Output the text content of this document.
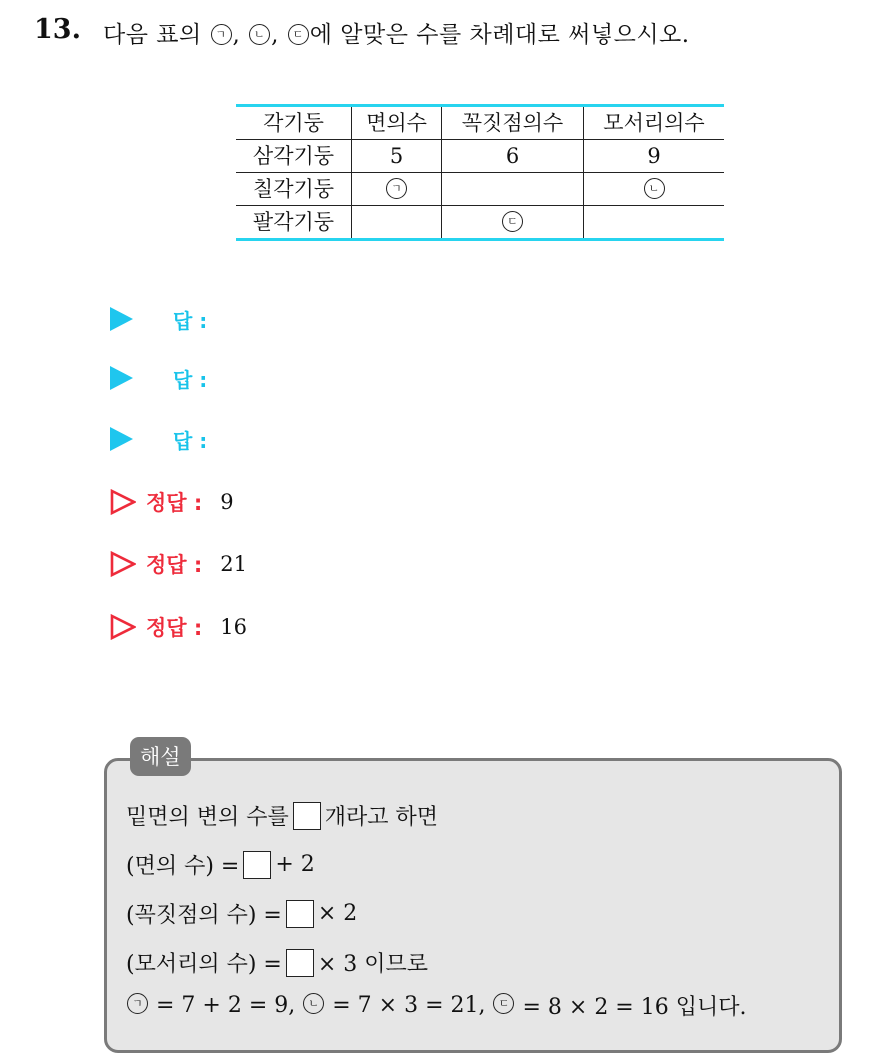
13. 다음 표의 ㄱ , ㄴ , ㄷ 에 알맞은 수를 차례대로 써넣으시오.
각기둥	면의수	꼭짓점의수	모서리의수
삼각기둥	5	6	9
칠각기둥	ㄱ		ㄴ
팔각기둥		ㄷ	
답 :
답 :
답 :
정답 : 9
정답 : 21
정답 : 16
해설
밑면의 변의 수를 개라고 하면
(면의 수) = + 2
(꼭짓점의 수) = × 2
(모서리의 수) = × 3 이므로
ㄱ = 7 + 2 = 9, ㄴ = 7 × 3 = 21, ㄷ = 8 × 2 = 16 입니다.
